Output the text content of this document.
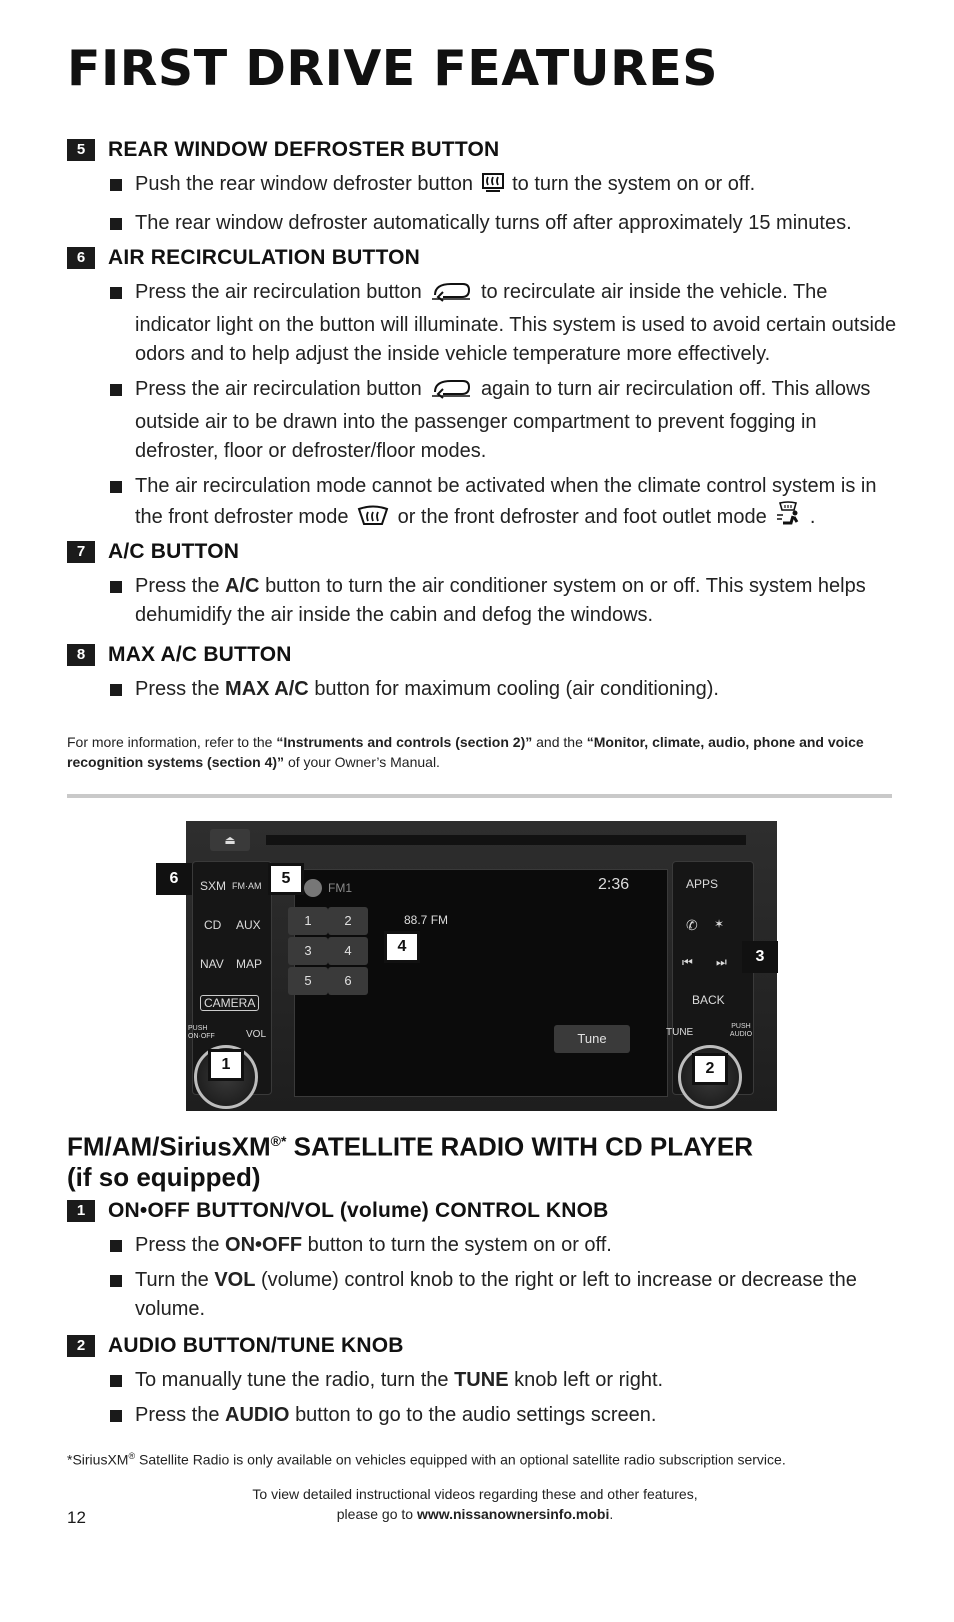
FIRST DRIVE FEATURES
5	REAR WINDOW DEFROSTER BUTTON
Push the rear window defroster button to turn the system on or off.
The rear window defroster automatically turns off after approximately 15 minutes.
6	AIR RECIRCULATION BUTTON
Press the air recirculation button	to recirculate air inside the vehicle. The indicator light on the button will illuminate. This system is used to avoid certain outside odors and to help adjust the inside vehicle temperature more effectively.
Press the air recirculation button	again to turn air recirculation off. This allows outside air to be drawn into the passenger compartment to prevent fogging in defroster, floor or defroster/floor modes.
The air recirculation mode cannot be activated when the climate control system is in the front defroster mode or the front defroster and foot outlet mode .
7	A/C BUTTON
Press the A/C button to turn the air conditioner system on or off. This system helps dehumidify the air inside the cabin and defog the windows.
8	MAX A/C BUTTON
Press the MAX A/C button for maximum cooling (air conditioning).
For more information, refer to the “Instruments and controls (section 2)” and the “Monitor, climate, audio, phone and voice recognition systems (section 4)” of your Owner’s Manual.
⏏
SXM FM·AM
CD AUX
NAV MAP
CAMERA
PUSH ON·OFF	VOL
FM1	2:36
88.7 FM
1	2
3	4
5	6
Tune
APPS
✆ ✶
⏮ ⏭
BACK
TUNE
PUSH AUDIO
6	5
4
3
1	2

FM/AM/SiriusXM®* SATELLITE RADIO WITH CD PLAYER

(if so equipped)

1	ON•OFF BUTTON/VOL (volume) CONTROL KNOB
Press the ON•OFF button to turn the system on or off.
Turn the VOL (volume) control knob to the right or left to increase or decrease the volume.
2	AUDIO BUTTON/TUNE KNOB
To manually tune the radio, turn the TUNE knob left or right.
Press the AUDIO button to go to the audio settings screen.
*SiriusXM® Satellite Radio is only available on vehicles equipped with an optional satellite radio subscription service.
12
To view detailed instructional videos regarding these and other features,
please go to www.nissanownersinfo.mobi.
